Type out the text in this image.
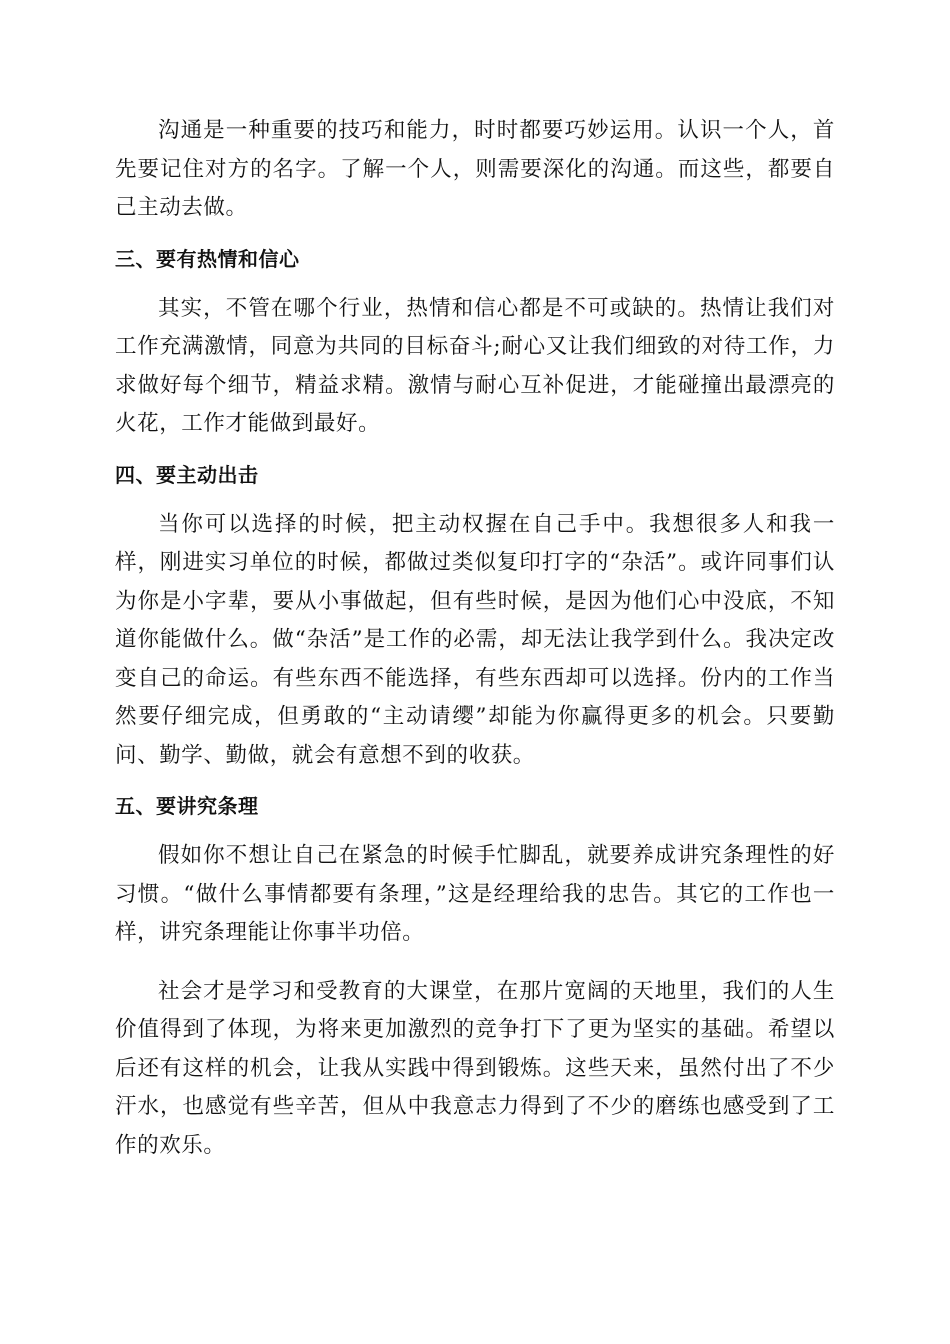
沟通是一种重要的技巧和能力，时时都要巧妙运用。认识一个人，首先要记住对方的名字。了解一个人，则需要深化的沟通。而这些，都要自己主动去做。

三、要有热情和信心

其实，不管在哪个行业，热情和信心都是不可或缺的。热情让我们对工作充满激情，同意为共同的目标奋斗;耐心又让我们细致的对待工作，力求做好每个细节，精益求精。激情与耐心互补促进，才能碰撞出最漂亮的火花，工作才能做到最好。

四、要主动出击

当你可以选择的时候，把主动权握在自己手中。我想很多人和我一样，刚进实习单位的时候，都做过类似复印打字的“杂活”。或许同事们认为你是小字辈，要从小事做起，但有些时候，是因为他们心中没底，不知道你能做什么。做“杂活”是工作的必需，却无法让我学到什么。我决定改变自己的命运。有些东西不能选择，有些东西却可以选择。份内的工作当然要仔细完成，但勇敢的“主动请缨”却能为你赢得更多的机会。只要勤问、勤学、勤做，就会有意想不到的收获。

五、要讲究条理

假如你不想让自己在紧急的时候手忙脚乱，就要养成讲究条理性的好习惯。“做什么事情都要有条理，”这是经理给我的忠告。其它的工作也一样，讲究条理能让你事半功倍。

社会才是学习和受教育的大课堂，在那片宽阔的天地里，我们的人生价值得到了体现，为将来更加激烈的竞争打下了更为坚实的基础。希望以后还有这样的机会，让我从实践中得到锻炼。这些天来，虽然付出了不少汗水，也感觉有些辛苦，但从中我意志力得到了不少的磨练也感受到了工作的欢乐。
